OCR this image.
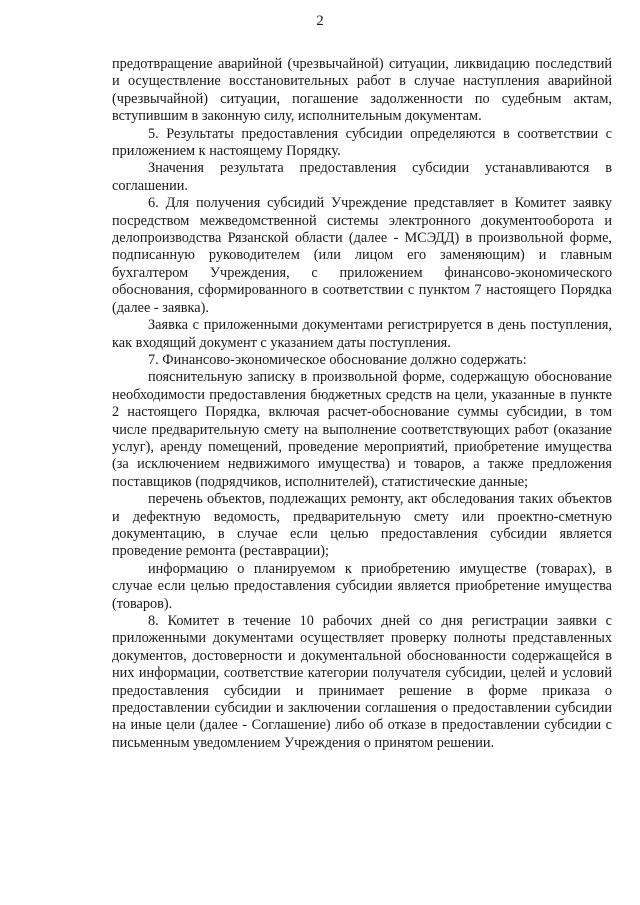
2

предотвращение аварийной (чрезвычайной) ситуации, ликвидацию последствий и осуществление восстановительных работ в случае наступления аварийной (чрезвычайной) ситуации, погашение задолженности по судебным актам, вступившим в законную силу, исполнительным документам.

5. Результаты предоставления субсидии определяются в соответствии с приложением к настоящему Порядку.

Значения результата предоставления субсидии устанавливаются в соглашении.

6. Для получения субсидий Учреждение представляет в Комитет заявку посредством межведомственной системы электронного документооборота и делопроизводства Рязанской области (далее - МСЭДД) в произвольной форме, подписанную руководителем (или лицом его заменяющим) и главным бухгалтером Учреждения, с приложением финансово-экономического обоснования, сформированного в соответствии с пунктом 7 настоящего Порядка (далее - заявка).

Заявка с приложенными документами регистрируется в день поступления, как входящий документ с указанием даты поступления.

7. Финансово-экономическое обоснование должно содержать:

пояснительную записку в произвольной форме, содержащую обоснование необходимости предоставления бюджетных средств на цели, указанные в пункте 2 настоящего Порядка, включая расчет-обоснование суммы субсидии, в том числе предварительную смету на выполнение соответствующих работ (оказание услуг), аренду помещений, проведение мероприятий, приобретение имущества (за исключением недвижимого имущества) и товаров, а также предложения поставщиков (подрядчиков, исполнителей), статистические данные;

перечень объектов, подлежащих ремонту, акт обследования таких объектов и дефектную ведомость, предварительную смету или проектно-сметную документацию, в случае если целью предоставления субсидии является проведение ремонта (реставрации);

информацию о планируемом к приобретению имуществе (товарах), в случае если целью предоставления субсидии является приобретение имущества (товаров).

8. Комитет в течение 10 рабочих дней со дня регистрации заявки с приложенными документами осуществляет проверку полноты представленных документов, достоверности и документальной обоснованности содержащейся в них информации, соответствие категории получателя субсидии, целей и условий предоставления субсидии и принимает решение в форме приказа о предоставлении субсидии и заключении соглашения о предоставлении субсидии на иные цели (далее - Соглашение) либо об отказе в предоставлении субсидии с письменным уведомлением Учреждения о принятом решении.
